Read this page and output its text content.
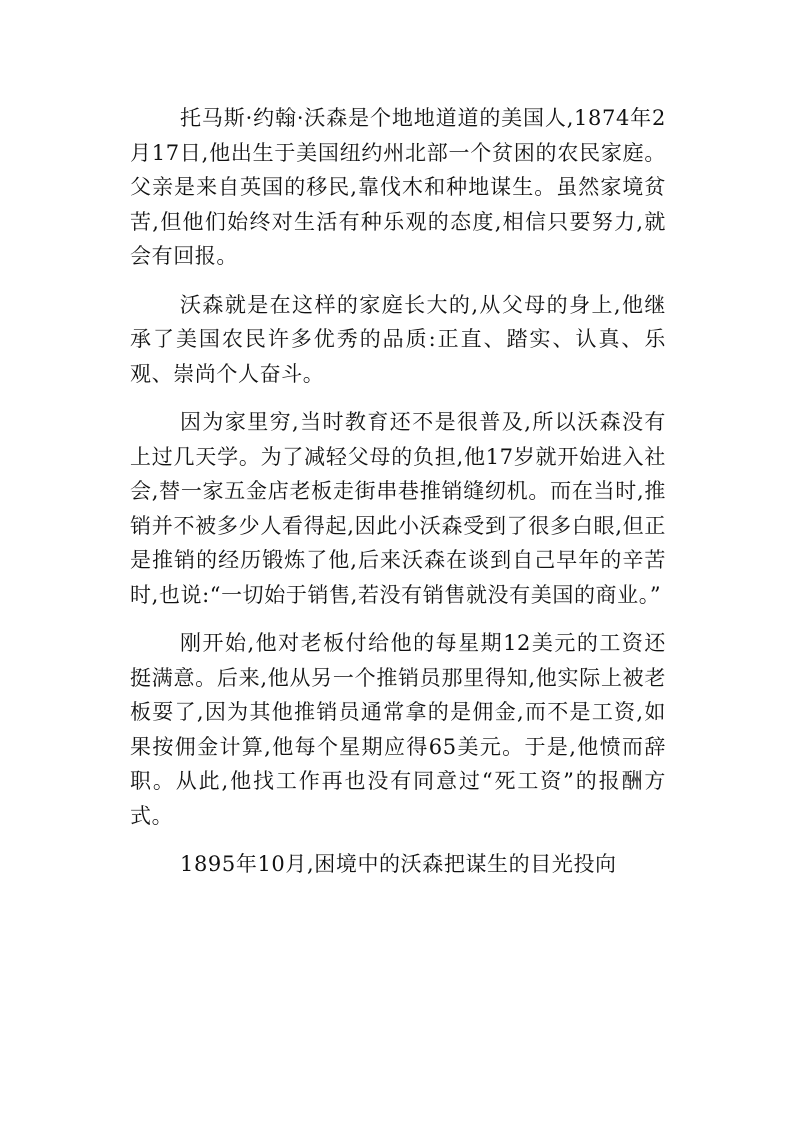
托马斯·约翰·沃森是个地地道道的美国人,1874年2月17日,他出生于美国纽约州北部一个贫困的农民家庭。父亲是来自英国的移民,靠伐木和种地谋生。虽然家境贫苦,但他们始终对生活有种乐观的态度,相信只要努力,就会有回报。

沃森就是在这样的家庭长大的,从父母的身上,他继承了美国农民许多优秀的品质:正直、踏实、认真、乐观、崇尚个人奋斗。

因为家里穷,当时教育还不是很普及,所以沃森没有上过几天学。为了减轻父母的负担,他17岁就开始进入社会,替一家五金店老板走街串巷推销缝纫机。而在当时,推销并不被多少人看得起,因此小沃森受到了很多白眼,但正是推销的经历锻炼了他,后来沃森在谈到自己早年的辛苦时,也说:“一切始于销售,若没有销售就没有美国的商业。”

刚开始,他对老板付给他的每星期12美元的工资还挺满意。后来,他从另一个推销员那里得知,他实际上被老板耍了,因为其他推销员通常拿的是佣金,而不是工资,如果按佣金计算,他每个星期应得65美元。于是,他愤而辞职。从此,他找工作再也没有同意过“死工资”的报酬方式。

1895年10月,困境中的沃森把谋生的目光投向
